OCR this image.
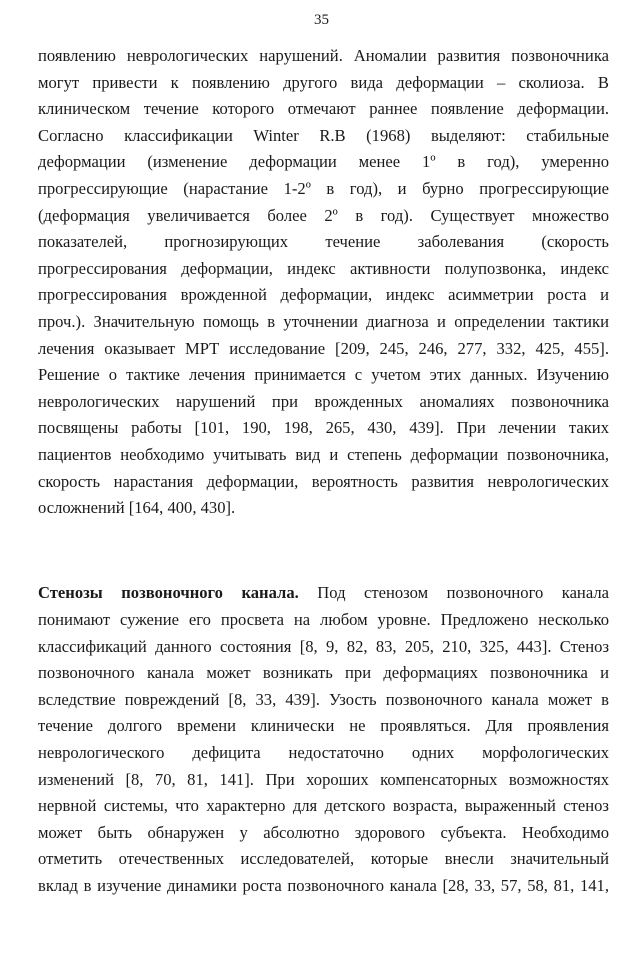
35
появлению неврологических нарушений. Аномалии развития позвоночника
могут привести к появлению другого вида деформации – сколиоза. В
клиническом течение которого отмечают раннее появление деформации.
Согласно классификации Winter R.B (1968) выделяют: стабильные
деформации (изменение деформации менее 1º в год), умеренно
прогрессирующие (нарастание 1-2º в год), и бурно прогрессирующие
(деформация увеличивается более 2º в год). Существует множество
показателей, прогнозирующих течение заболевания (скорость
прогрессирования деформации, индекс активности полупозвонка, индекс
прогрессирования врожденной деформации, индекс асимметрии роста и
проч.). Значительную помощь в уточнении диагноза и определении тактики
лечения оказывает МРТ исследование [209, 245, 246, 277, 332, 425, 455].
Решение о тактике лечения принимается с учетом этих данных. Изучению
неврологических нарушений при врожденных аномалиях позвоночника
посвящены работы [101, 190, 198, 265, 430, 439]. При лечении таких
пациентов необходимо учитывать вид и степень деформации позвоночника,
скорость нарастания деформации, вероятность развития неврологических
осложнений [164, 400, 430].
Стенозы позвоночного канала. Под стенозом позвоночного канала
понимают сужение его просвета на любом уровне. Предложено несколько
классификаций данного состояния [8, 9, 82, 83, 205, 210, 325, 443]. Стеноз
позвоночного канала может возникать при деформациях позвоночника и
вследствие повреждений [8, 33, 439]. Узость позвоночного канала может в
течение долгого времени клинически не проявляться. Для проявления
неврологического дефицита недостаточно одних морфологических
изменений [8, 70, 81, 141]. При хороших компенсаторных возможностях
нервной системы, что характерно для детского возраста, выраженный стеноз
может быть обнаружен у абсолютно здорового субъекта. Необходимо
отметить отечественных исследователей, которые внесли значительный
вклад в изучение динамики роста позвоночного канала [28, 33, 57, 58, 81, 141,
